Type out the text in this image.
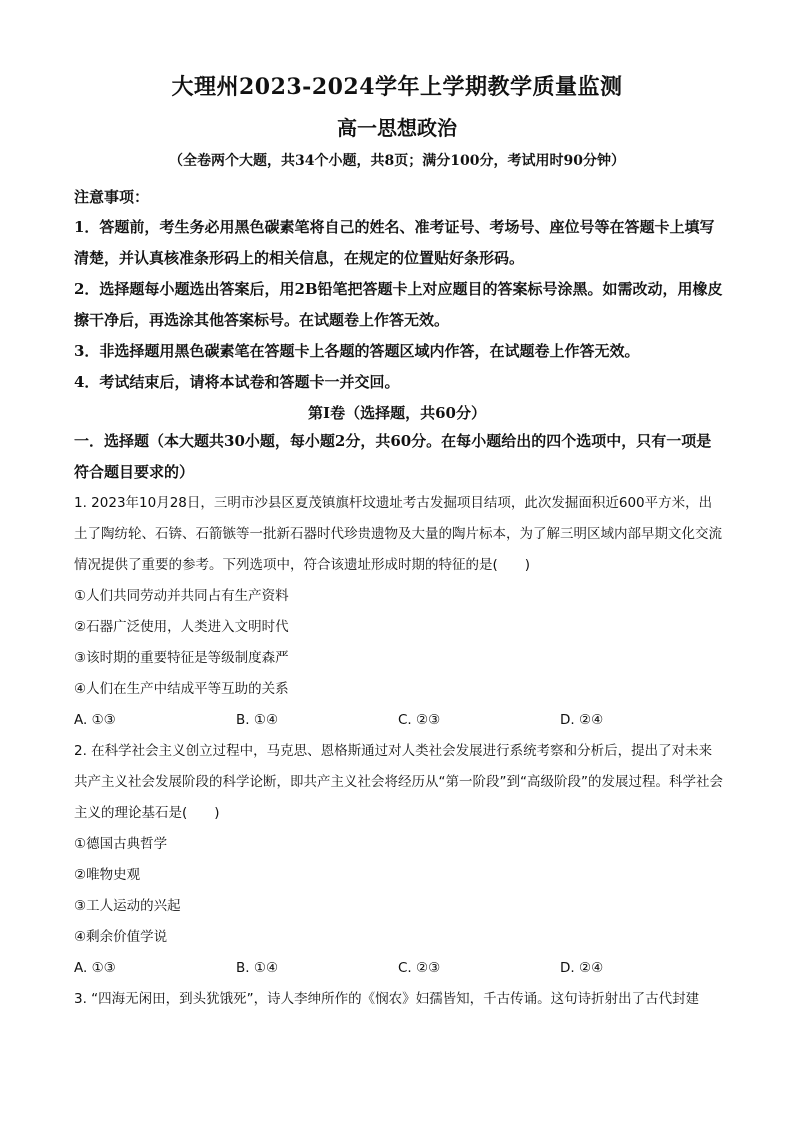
大理州2023-2024学年上学期教学质量监测
高一思想政治
（全卷两个大题，共34个小题，共8页；满分100分，考试用时90分钟）
注意事项：

1．答题前，考生务必用黑色碳素笔将自己的姓名、准考证号、考场号、座位号等在答题卡上填写清楚，并认真核准条形码上的相关信息，在规定的位置贴好条形码。

2．选择题每小题选出答案后，用2B铅笔把答题卡上对应题目的答案标号涂黑。如需改动，用橡皮擦干净后，再选涂其他答案标号。在试题卷上作答无效。

3．非选择题用黑色碳素笔在答题卡上各题的答题区域内作答，在试题卷上作答无效。

4．考试结束后，请将本试卷和答题卡一并交回。

第Ⅰ卷（选择题，共60分）
一．选择题（本大题共30小题，每小题2分，共60分。在每小题给出的四个选项中，只有一项是符合题目要求的）

1. 2023年10月28日，三明市沙县区夏茂镇旗杆坟遗址考古发掘项目结项，此次发掘面积近600平方米，出土了陶纺轮、石锛、石箭镞等一批新石器时代珍贵遗物及大量的陶片标本，为了解三明区域内部早期文化交流情况提供了重要的参考。下列选项中，符合该遗址形成时期的特征的是(　　)

①人们共同劳动并共同占有生产资料

②石器广泛使用，人类进入文明时代

③该时期的重要特征是等级制度森严

④人们在生产中结成平等互助的关系

A. ①③	B. ①④	C. ②③	D. ②④

2. 在科学社会主义创立过程中，马克思、恩格斯通过对人类社会发展进行系统考察和分析后，提出了对未来共产主义社会发展阶段的科学论断，即共产主义社会将经历从“第一阶段”到“高级阶段”的发展过程。科学社会主义的理论基石是(　　)

①德国古典哲学

②唯物史观

③工人运动的兴起

④剩余价值学说

A. ①③	B. ①④	C. ②③	D. ②④

3. “四海无闲田，到头犹饿死”，诗人李绅所作的《悯农》妇孺皆知，千古传诵。这句诗折射出了古代封建
